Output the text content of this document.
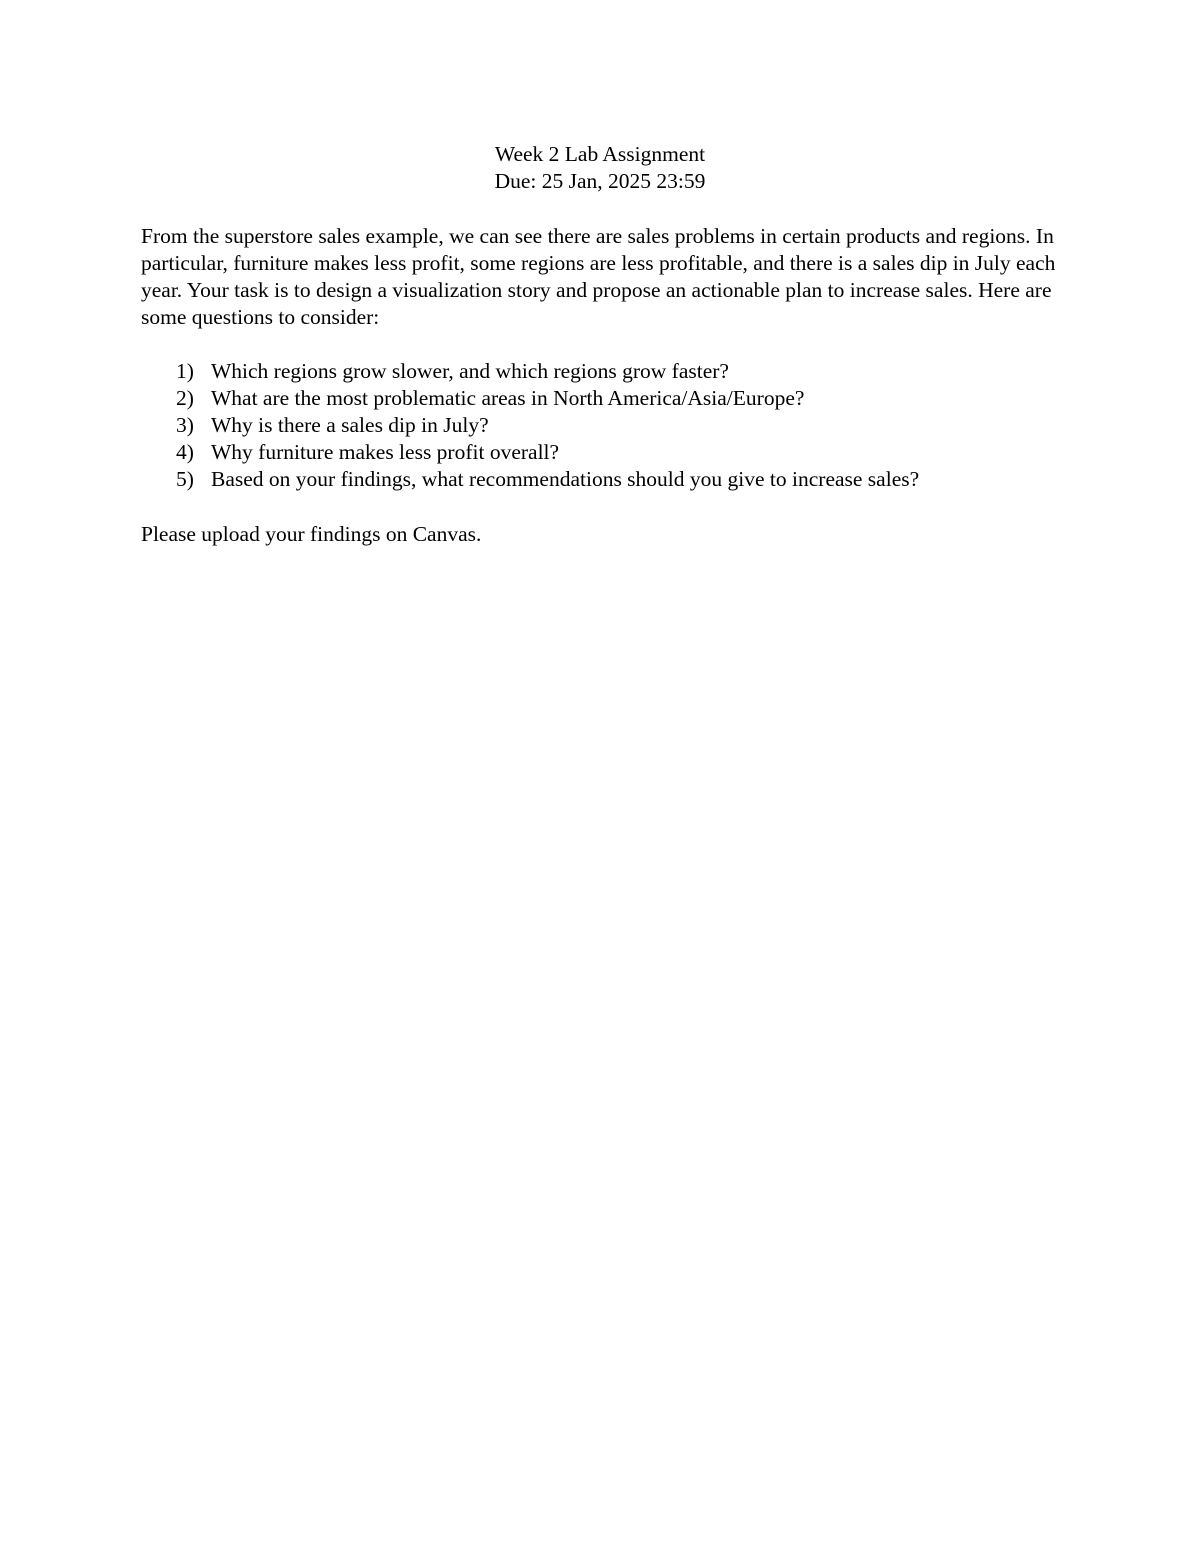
Week 2 Lab Assignment
Due: 25 Jan, 2025 23:59
From the superstore sales example, we can see there are sales problems in certain products and regions. In particular, furniture makes less profit, some regions are less profitable, and there is a sales dip in July each year. Your task is to design a visualization story and propose an actionable plan to increase sales. Here are some questions to consider:
1) Which regions grow slower, and which regions grow faster?
2) What are the most problematic areas in North America/Asia/Europe?
3) Why is there a sales dip in July?
4) Why furniture makes less profit overall?
5) Based on your findings, what recommendations should you give to increase sales?
Please upload your findings on Canvas.
